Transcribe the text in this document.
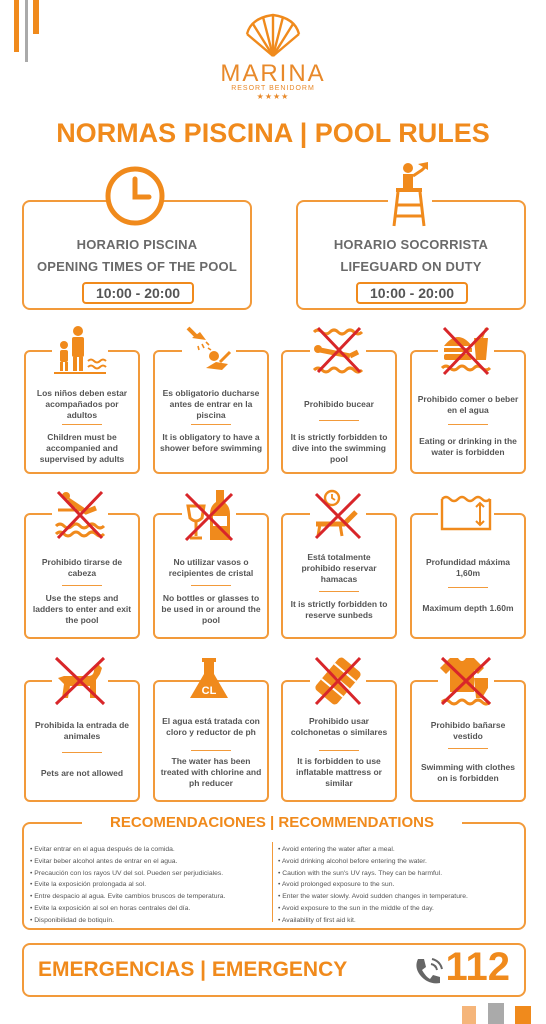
MARINA
RESORT BENIDORM
★★★★
NORMAS PISCINA | POOL RULES
HORARIO PISCINA
OPENING TIMES OF THE POOL
10:00 - 20:00
HORARIO SOCORRISTA
LIFEGUARD ON DUTY
10:00 - 20:00
Los niños deben estar acompañados por adultos
Children must be accompanied and supervised by adults
Es obligatorio ducharse antes de entrar en la piscina
It is obligatory to have a shower before swimming
Prohibido bucear
It is strictly forbidden to dive into the swimming pool
Prohibido comer o beber en el agua
Eating or drinking in the water is forbidden
Prohibido tirarse de cabeza
Use the steps and ladders to enter and exit the pool
No utilizar vasos o recipientes de cristal
No bottles or glasses to be used in or around the pool
Está totalmente prohibido reservar hamacas
It is strictly forbidden to reserve sunbeds
Profundidad máxima 1,60m
Maximum depth 1.60m
Prohibida la entrada de animales
Pets are not allowed
El agua está tratada con cloro y reductor de ph
The water has been treated with chlorine and ph reducer
Prohibido usar colchonetas o similares
It is forbidden to use inflatable mattress or similar
Prohibido bañarse vestido
Swimming with clothes on is forbidden
CL
• Evitar entrar en el agua después de la comida.
• Evitar beber alcohol antes de entrar en el agua.
• Precaución con los rayos UV del sol. Pueden ser perjudiciales.
• Evite la exposición prolongada al sol.
• Entre despacio al agua. Evite cambios bruscos de temperatura.
• Evite la exposición al sol en horas centrales del día.
• Disponibilidad de botiquín.
• Avoid entering the water after a meal.
• Avoid drinking alcohol before entering the water.
• Caution with the sun's UV rays. They can be harmful.
• Avoid prolonged exposure to the sun.
• Enter the water slowly. Avoid sudden changes in temperature.
• Avoid exposure to the sun in the middle of the day.
• Availability of first aid kit.
RECOMENDACIONES | RECOMMENDATIONS
EMERGENCIAS | EMERGENCY 112
